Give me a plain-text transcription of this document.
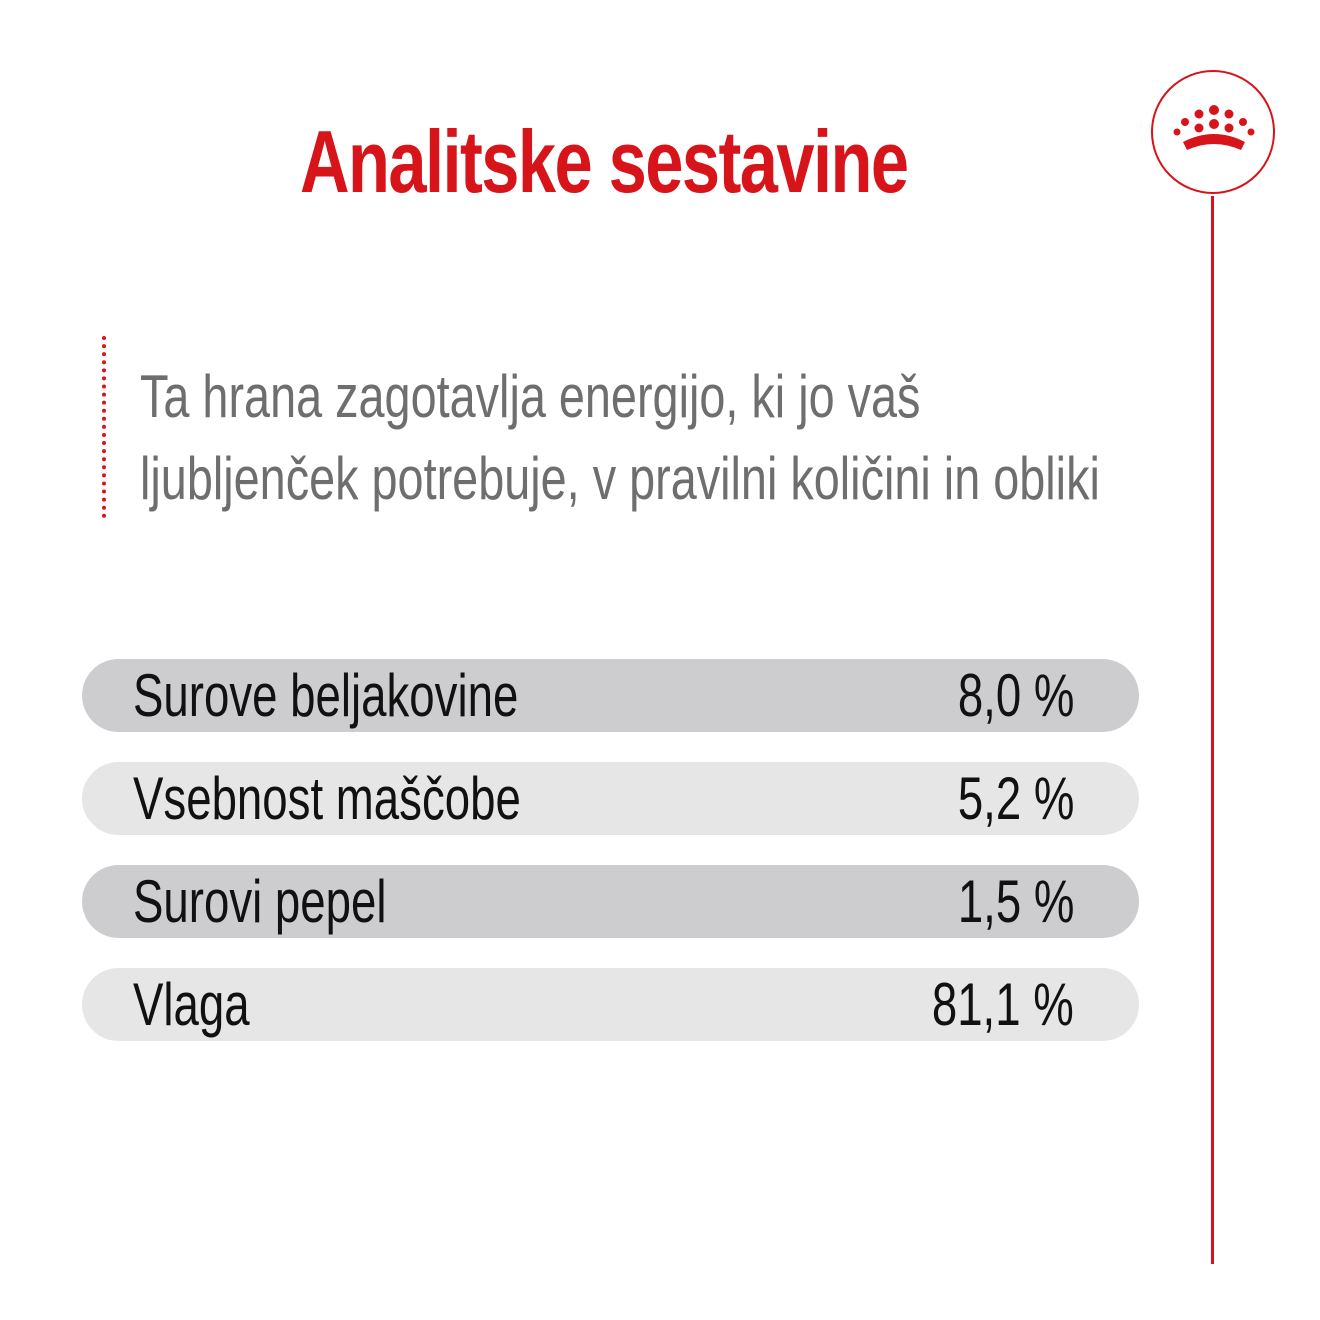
Analitske sestavine
Ta hrana zagotavlja energijo, ki jo vaš ljubljenček potrebuje, v pravilni količini in obliki
Surove beljakovine	8,0 %
Vsebnost maščobe	5,2 %
Surovi pepel	1,5 %
Vlaga	81,1 %
